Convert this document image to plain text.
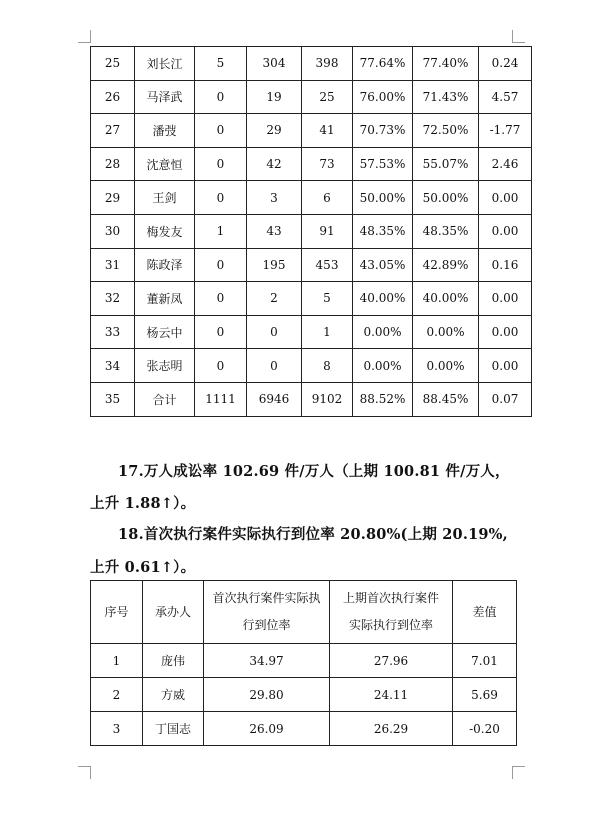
25	刘长江	5	304	398	77.64%	77.40%	0.24
26	马泽武	0	19	25	76.00%	71.43%	4.57
27	潘弢	0	29	41	70.73%	72.50%	-1.77
28	沈意恒	0	42	73	57.53%	55.07%	2.46
29	王剑	0	3	6	50.00%	50.00%	0.00
30	梅发友	1	43	91	48.35%	48.35%	0.00
31	陈政泽	0	195	453	43.05%	42.89%	0.16
32	董新凤	0	2	5	40.00%	40.00%	0.00
33	杨云中	0	0	1	0.00%	0.00%	0.00
34	张志明	0	0	8	0.00%	0.00%	0.00
35	合计	1111	6946	9102	88.52%	88.45%	0.07
17.万人成讼率 102.69 件/万人（上期 100.81 件/万人，
上升 1.88↑）。
18.首次执行案件实际执行到位率 20.80%(上期 20.19%,
上升 0.61↑）。
序号	承办人	首次执行案件实际执行到位率	上期首次执行案件实际执行到位率	差值
1	庞伟	34.97	27.96	7.01
2	方威	29.80	24.11	5.69
3	丁国志	26.09	26.29	-0.20
